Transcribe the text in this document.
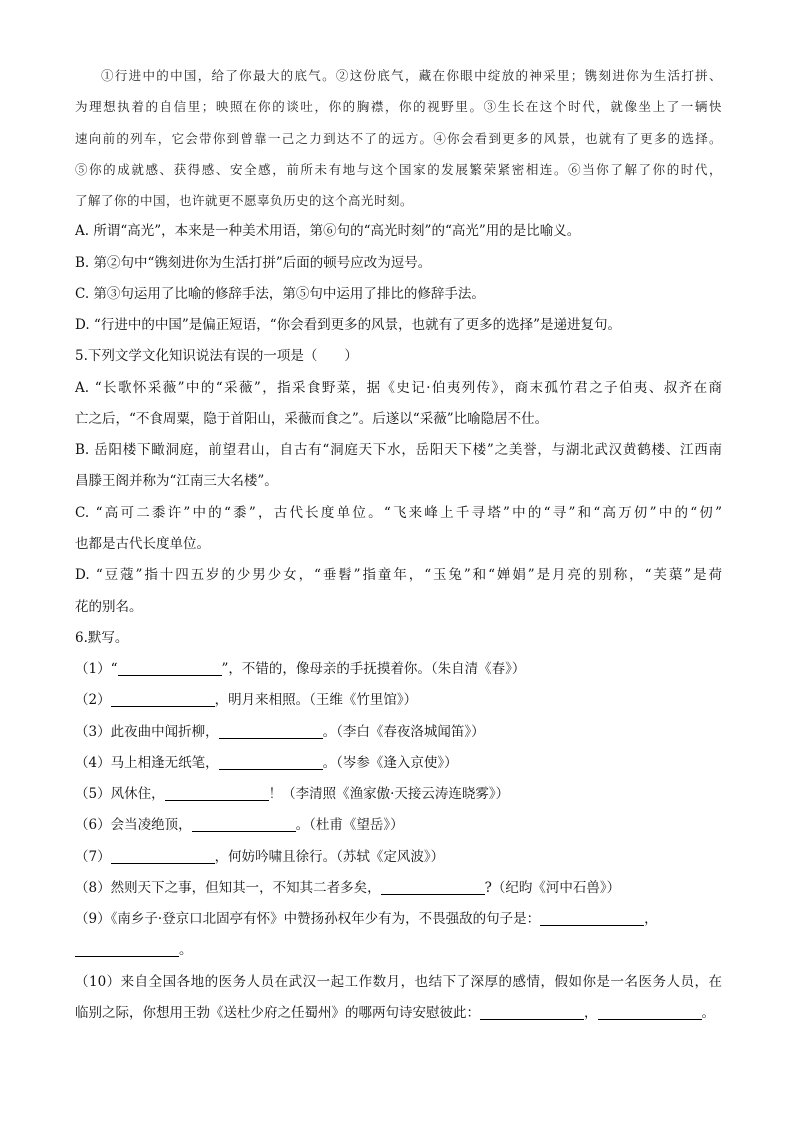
①行进中的中国，给了你最大的底气。②这份底气，藏在你眼中绽放的神采里；镌刻进你为生活打拼、
为理想执着的自信里；映照在你的谈吐，你的胸襟，你的视野里。③生长在这个时代，就像坐上了一辆快
速向前的列车，它会带你到曾靠一己之力到达不了的远方。④你会看到更多的风景，也就有了更多的选择。
⑤你的成就感、获得感、安全感，前所未有地与这个国家的发展繁荣紧密相连。⑥当你了解了你的时代，
了解了你的中国，也许就更不愿辜负历史的这个高光时刻。
A. 所谓“高光”，本来是一种美术用语，第⑥句的“高光时刻”的“高光”用的是比喻义。
B. 第②句中“镌刻进你为生活打拼”后面的顿号应改为逗号。
C. 第③句运用了比喻的修辞手法，第⑤句中运用了排比的修辞手法。
D. “行进中的中国”是偏正短语，“你会看到更多的风景，也就有了更多的选择”是递进复句。
5.下列文学文化知识说法有误的一项是（　　）
A. “长歌怀采薇”中的“采薇”，指采食野菜，据《史记·伯夷列传》，商末孤竹君之子伯夷、叔齐在商
亡之后，“不食周粟，隐于首阳山，采薇而食之”。后遂以“采薇”比喻隐居不仕。
B. 岳阳楼下瞰洞庭，前望君山，自古有“洞庭天下水，岳阳天下楼”之美誉，与湖北武汉黄鹤楼、江西南
昌滕王阁并称为“江南三大名楼”。
C. “高可二黍许”中的“黍”，古代长度单位。“飞来峰上千寻塔”中的“寻”和“高万仞”中的“仞”
也都是古代长度单位。
D. “豆蔻”指十四五岁的少男少女，“垂髫”指童年，“玉兔”和“婵娟”是月亮的别称，“芙蕖”是荷
花的别名。
6.默写。
（1）“	”，不错的，像母亲的手抚摸着你。（朱自清《春》）
（2）	，明月来相照。（王维《竹里馆》）
（3）此夜曲中闻折柳，	。（李白《春夜洛城闻笛》）
（4）马上相逢无纸笔，	。（岑参《逢入京使》）
（5）风休住，	！（李清照《渔家傲·天接云涛连晓雾》）
（6）会当凌绝顶，	。（杜甫《望岳》）
（7）	，何妨吟啸且徐行。（苏轼《定风波》）
（8）然则天下之事，但知其一，不知其二者多矣，	?（纪昀《河中石兽》）
（9）《南乡子·登京口北固亭有怀》中赞扬孙权年少有为，不畏强敌的句子是：	，
。
（10）来自全国各地的医务人员在武汉一起工作数月，也结下了深厚的感情，假如你是一名医务人员，在
临别之际，你想用王勃《送杜少府之任蜀州》的哪两句诗安慰彼此：	，	。
